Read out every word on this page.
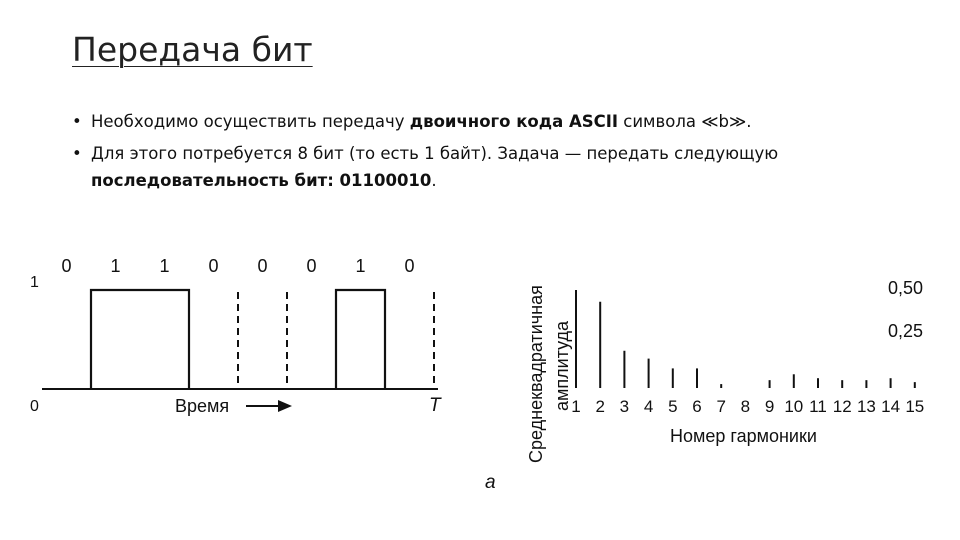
Передача бит
• Необходимо осуществить передачу двоичного кода ASCII символа ≪b≫.
• Для этого потребуется 8 бит (то есть 1 байт). Задача — передать следующую последовательность бит: 01100010.
0 1 1 0 0 0 1 0
1
0	Время	T	Среднеквадратичная амплитуда
0,50
0,25
1 2 3 4 5 6 7 8 9 10 11 12 13 14 15
Номер гармоники
a
